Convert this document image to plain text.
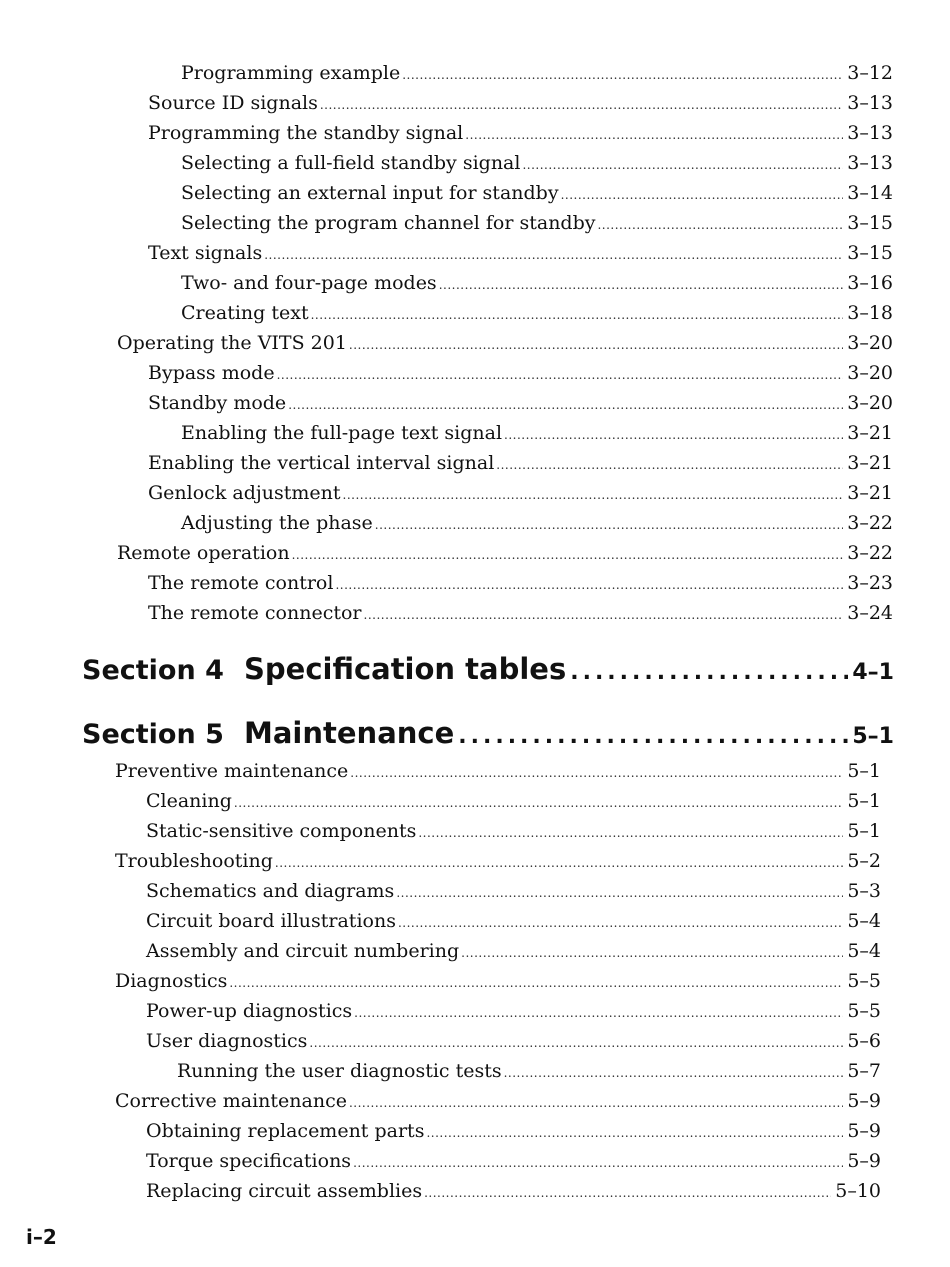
Programming example .....	3–12
Source ID signals .....	3–13
Programming the standby signal .....	3–13
Selecting a full-field standby signal .....	3–13
Selecting an external input for standby .....	3–14
Selecting the program channel for standby .....	3–15
Text signals .....	3–15
Two- and four-page modes .....	3–16
Creating text .....	3–18
Operating the VITS 201 .....	3–20
Bypass mode .....	3–20
Standby mode .....	3–20
Enabling the full-page text signal .....	3–21
Enabling the vertical interval signal .....	3–21
Genlock adjustment .....	3–21
Adjusting the phase .....	3–22
Remote operation .....	3–22
The remote control .....	3–23
The remote connector .....	3–24
Section 4 Specification tables .....	4–1
Section 5 Maintenance .....	5–1
Preventive maintenance .....	5–1
Cleaning .....	5–1
Static-sensitive components .....	5–1
Troubleshooting .....	5–2
Schematics and diagrams .....	5–3
Circuit board illustrations .....	5–4
Assembly and circuit numbering .....	5–4
Diagnostics .....	5–5
Power-up diagnostics .....	5–5
User diagnostics .....	5–6
Running the user diagnostic tests .....	5–7
Corrective maintenance .....	5–9
Obtaining replacement parts .....	5–9
Torque specifications .....	5–9
Replacing circuit assemblies .....	5–10
i–2
